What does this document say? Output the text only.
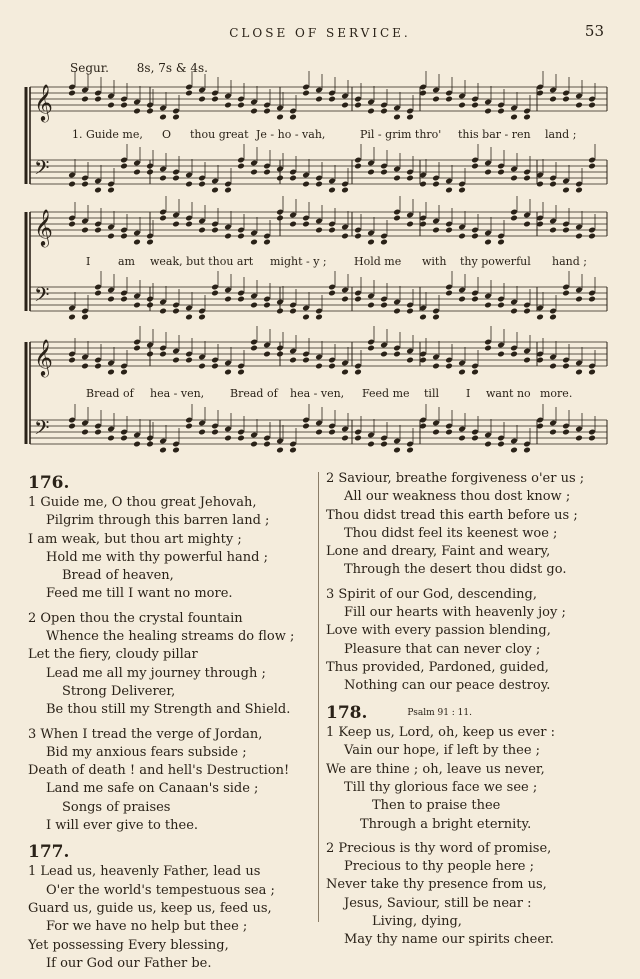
CLOSE OF SERVICE.	53
𝄞
𝄢
𝄞
𝄢
𝄞
𝄢
Segur. 8s, 7s & 4s.
1. Guide me, O thou great Je - ho - vah,	Pil - grim thro' this bar - ren land ;
I	am weak, but thou art might - y ; Hold me with thy powerful hand ;
Bread of hea - ven, Bread of hea - ven, Feed me till I want no more.
176.
1 Guide me, O thou great Jehovah,
Pilgrim through this barren land ;
I am weak, but thou art mighty ;
Hold me with thy powerful hand ;
Bread of heaven,
Feed me till I want no more.
2 Open thou the crystal fountain
Whence the healing streams do flow ;
Let the fiery, cloudy pillar
Lead me all my journey through ;
Strong Deliverer,
Be thou still my Strength and Shield.
3 When I tread the verge of Jordan,
Bid my anxious fears subside ;
Death of death ! and hell's Destruction!
Land me safe on Canaan's side ;
Songs of praises
I will ever give to thee.
177.
1 Lead us, heavenly Father, lead us
O'er the world's tempestuous sea ;
Guard us, guide us, keep us, feed us,
For we have no help but thee ;
Yet possessing Every blessing,
If our God our Father be.
2 Saviour, breathe forgiveness o'er us ;
All our weakness thou dost know ;
Thou didst tread this earth before us ;
Thou didst feel its keenest woe ;
Lone and dreary, Faint and weary,
Through the desert thou didst go.
3 Spirit of our God, descending,
Fill our hearts with heavenly joy ;
Love with every passion blending,
Pleasure that can never cloy ;
Thus provided, Pardoned, guided,
Nothing can our peace destroy.
178.	Psalm 91 : 11.
1 Keep us, Lord, oh, keep us ever :
Vain our hope, if left by thee ;
We are thine ; oh, leave us never,
Till thy glorious face we see ;
Then to praise thee
Through a bright eternity.
2 Precious is thy word of promise,
Precious to thy people here ;
Never take thy presence from us,
Jesus, Saviour, still be near :
Living, dying,
May thy name our spirits cheer.
